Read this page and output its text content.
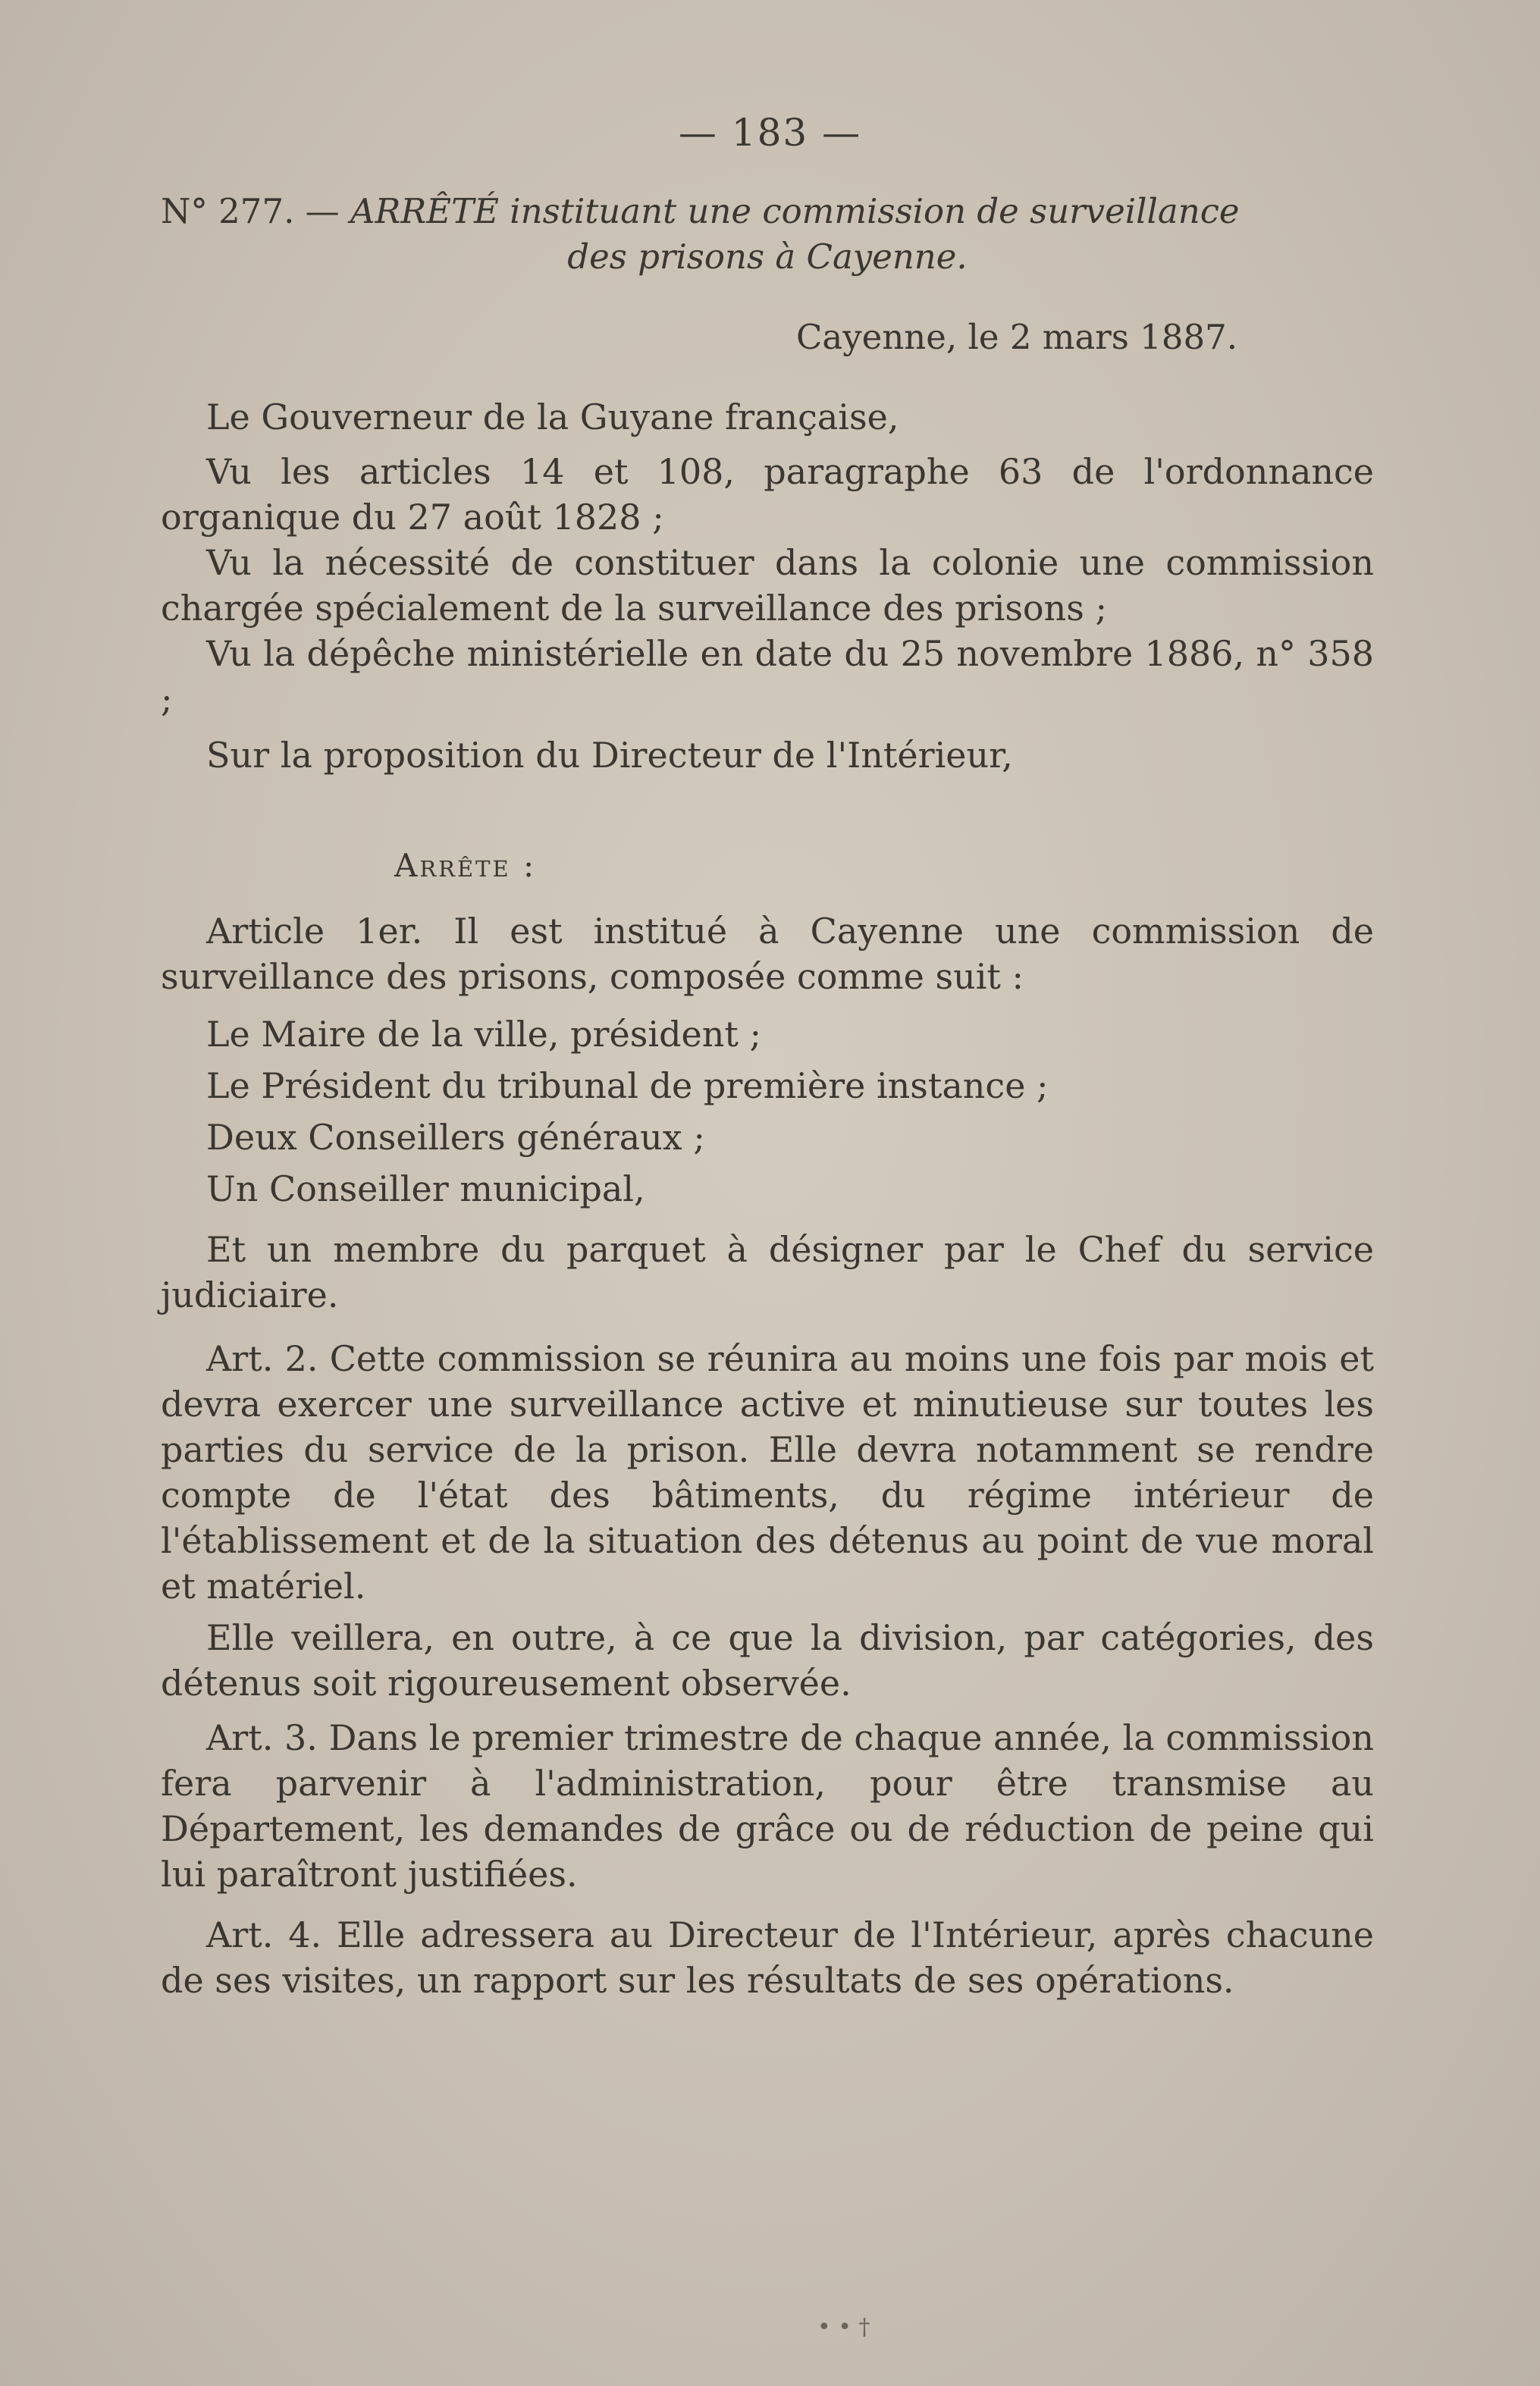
— 183 —
N° 277. — ARRÊTÉ instituant une commission de surveillance
des prisons à Cayenne.
Cayenne, le 2 mars 1887.

Le Gouverneur de la Guyane française,

Vu les articles 14 et 108, paragraphe 63 de l'ordonnance organique du 27 août 1828 ;

Vu la nécessité de constituer dans la colonie une commission chargée spécialement de la surveillance des prisons ;

Vu la dépêche ministérielle en date du 25 novembre 1886, n° 358 ;

Sur la proposition du Directeur de l'Intérieur,

Arrête :

Article 1er. Il est institué à Cayenne une commission de surveillance des prisons, composée comme suit :

Le Maire de la ville, président ;
Le Président du tribunal de première instance ;
Deux Conseillers généraux ;
Un Conseiller municipal,

Et un membre du parquet à désigner par le Chef du service judiciaire.

Art. 2. Cette commission se réunira au moins une fois par mois et devra exercer une surveillance active et minutieuse sur toutes les parties du service de la prison. Elle devra notamment se rendre compte de l'état des bâtiments, du régime intérieur de l'établissement et de la situation des détenus au point de vue moral et matériel.

Elle veillera, en outre, à ce que la division, par catégories, des détenus soit rigoureusement observée.

Art. 3. Dans le premier trimestre de chaque année, la commission fera parvenir à l'administration, pour être transmise au Département, les demandes de grâce ou de réduction de peine qui lui paraîtront justifiées.

Art. 4. Elle adressera au Directeur de l'Intérieur, après chacune de ses visites, un rapport sur les résultats de ses opérations.

• • †
